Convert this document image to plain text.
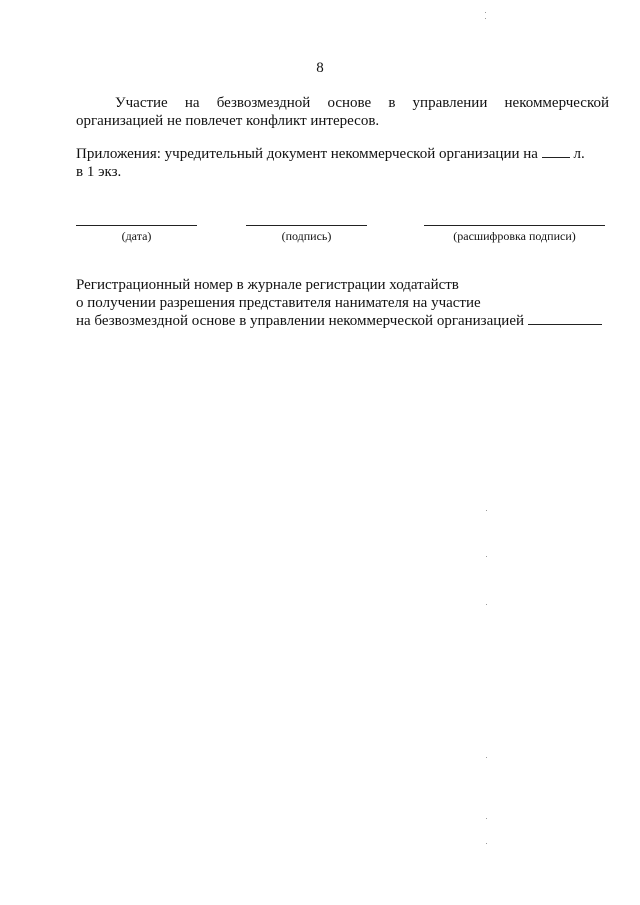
8
Участие на безвозмездной основе в управлении некоммерческой организацией не повлечет конфликт интересов.
Приложения: учредительный документ некоммерческой организации на л.
в 1 экз.
(дата)	(подпись)	(расшифровка подписи)
Регистрационный номер в журнале регистрации ходатайств
о получении разрешения представителя нанимателя на участие
на безвозмездной основе в управлении некоммерческой организацией
